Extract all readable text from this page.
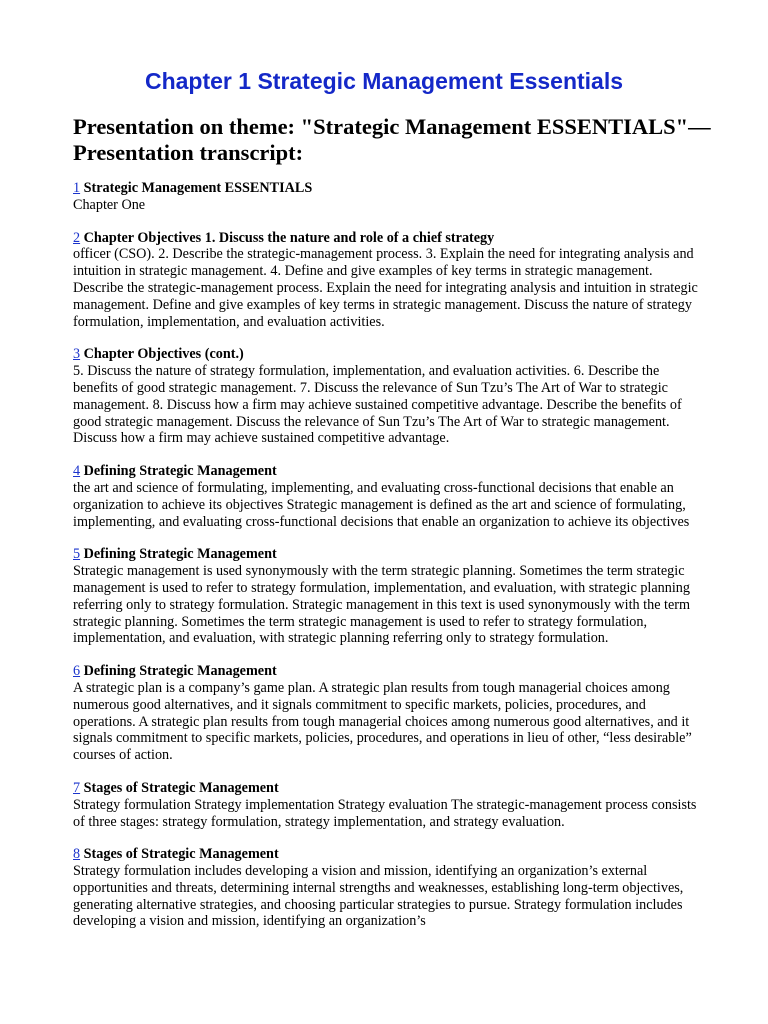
Chapter 1 Strategic Management Essentials
Presentation on theme: "Strategic Management ESSENTIALS"— Presentation transcript:
1 Strategic Management ESSENTIALS
Chapter One
2 Chapter Objectives 1. Discuss the nature and role of a chief strategy
officer (CSO). 2. Describe the strategic-management process. 3. Explain the need for integrating analysis and intuition in strategic management. 4. Define and give examples of key terms in strategic management. Describe the strategic-management process. Explain the need for integrating analysis and intuition in strategic management. Define and give examples of key terms in strategic management. Discuss the nature of strategy formulation, implementation, and evaluation activities.
3 Chapter Objectives (cont.)
5. Discuss the nature of strategy formulation, implementation, and evaluation activities. 6. Describe the benefits of good strategic management. 7. Discuss the relevance of Sun Tzu’s The Art of War to strategic management. 8. Discuss how a firm may achieve sustained competitive advantage. Describe the benefits of good strategic management. Discuss the relevance of Sun Tzu’s The Art of War to strategic management. Discuss how a firm may achieve sustained competitive advantage.
4 Defining Strategic Management
the art and science of formulating, implementing, and evaluating cross-functional decisions that enable an organization to achieve its objectives Strategic management is defined as the art and science of formulating, implementing, and evaluating cross-functional decisions that enable an organization to achieve its objectives
5 Defining Strategic Management
Strategic management is used synonymously with the term strategic planning. Sometimes the term strategic management is used to refer to strategy formulation, implementation, and evaluation, with strategic planning referring only to strategy formulation. Strategic management in this text is used synonymously with the term strategic planning. Sometimes the term strategic management is used to refer to strategy formulation, implementation, and evaluation, with strategic planning referring only to strategy formulation.
6 Defining Strategic Management
A strategic plan is a company’s game plan. A strategic plan results from tough managerial choices among numerous good alternatives, and it signals commitment to specific markets, policies, procedures, and operations. A strategic plan results from tough managerial choices among numerous good alternatives, and it signals commitment to specific markets, policies, procedures, and operations in lieu of other, “less desirable” courses of action.
7 Stages of Strategic Management
Strategy formulation Strategy implementation Strategy evaluation The strategic-management process consists of three stages: strategy formulation, strategy implementation, and strategy evaluation.
8 Stages of Strategic Management
Strategy formulation includes developing a vision and mission, identifying an organization’s external opportunities and threats, determining internal strengths and weaknesses, establishing long-term objectives, generating alternative strategies, and choosing particular strategies to pursue. Strategy formulation includes developing a vision and mission, identifying an organization’s
